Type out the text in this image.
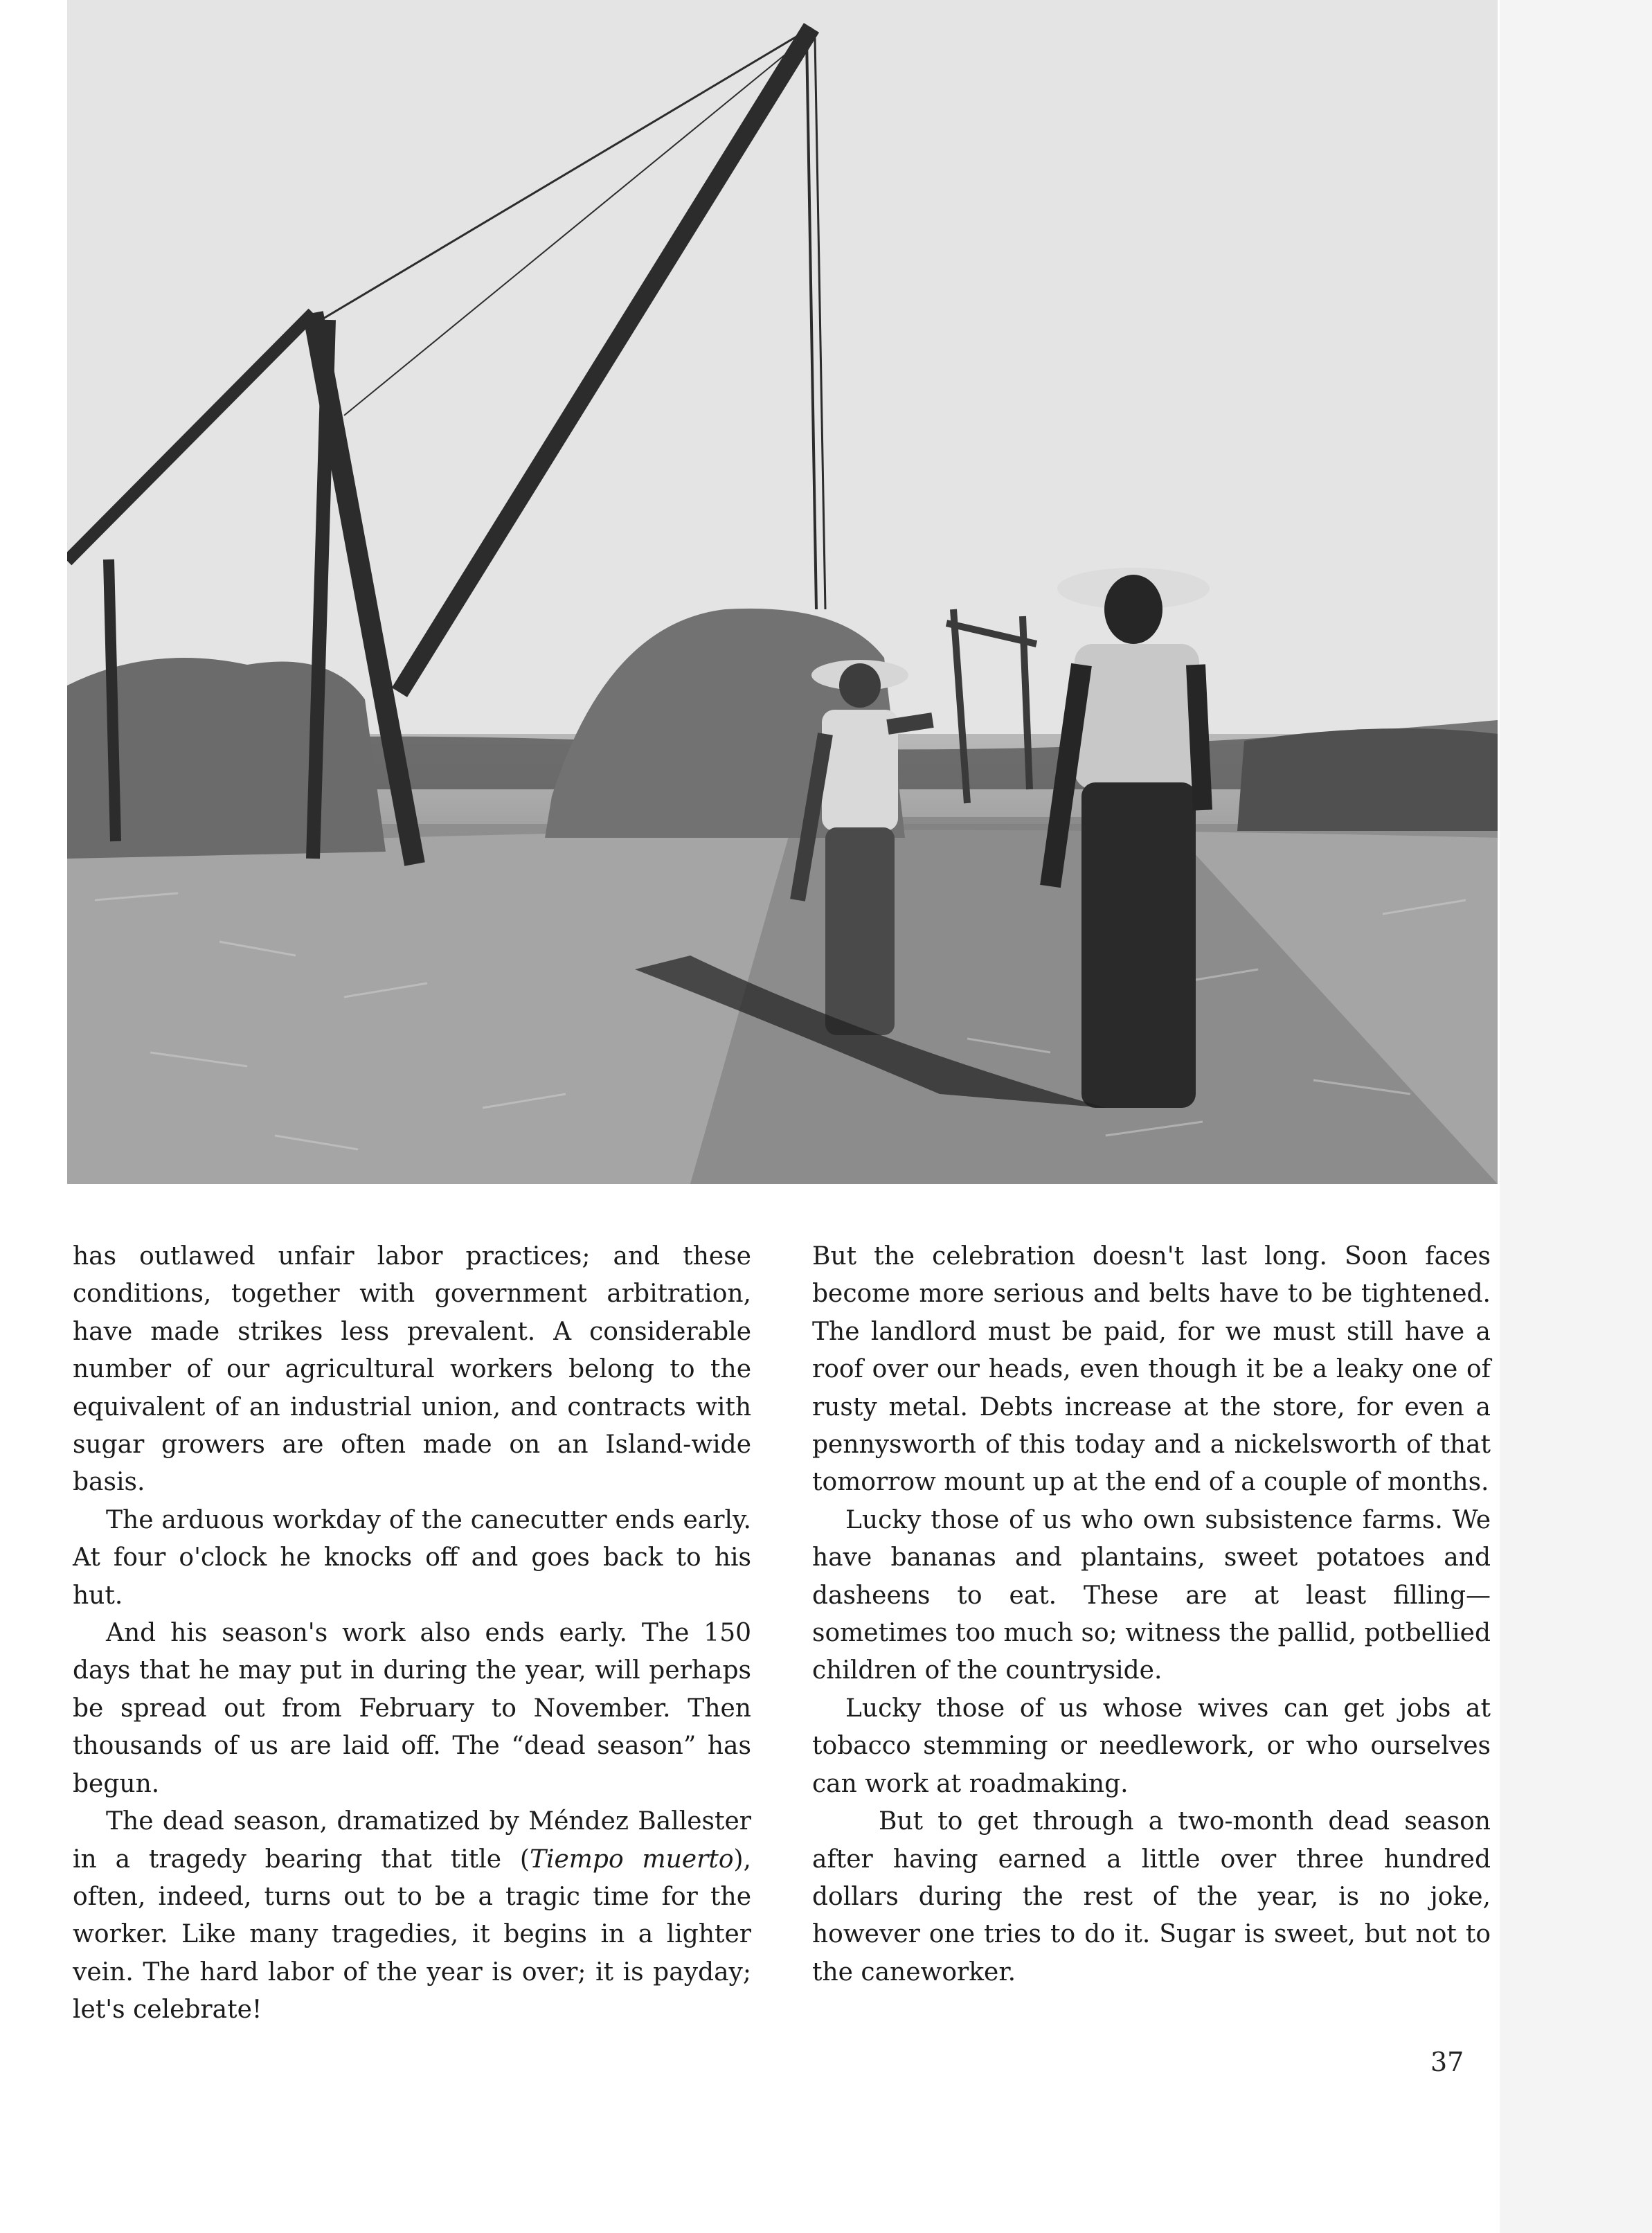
has outlawed unfair labor practices; and these conditions, together with government arbitration, have made strikes less prevalent. A considerable number of our agricultural workers belong to the equivalent of an industrial union, and contracts with sugar growers are often made on an Island-wide basis.

The arduous workday of the canecutter ends early. At four o'clock he knocks off and goes back to his hut.

And his season's work also ends early. The 150 days that he may put in during the year, will perhaps be spread out from February to November. Then thousands of us are laid off. The “dead season” has begun.

The dead season, dramatized by Méndez Ballester in a tragedy bearing that title (Tiempo muerto), often, indeed, turns out to be a tragic time for the worker. Like many tragedies, it begins in a lighter vein. The hard labor of the year is over; it is payday; let's celebrate!

But the celebration doesn't last long. Soon faces become more serious and belts have to be tightened. The landlord must be paid, for we must still have a roof over our heads, even though it be a leaky one of rusty metal. Debts increase at the store, for even a pennysworth of this today and a nickelsworth of that tomorrow mount up at the end of a couple of months.

Lucky those of us who own subsistence farms. We have bananas and plantains, sweet potatoes and dasheens to eat. These are at least filling—sometimes too much so; witness the pallid, potbellied children of the countryside.

Lucky those of us whose wives can get jobs at tobacco stemming or needlework, or who ourselves can work at roadmaking.

But to get through a two-month dead season after having earned a little over three hundred dollars during the rest of the year, is no joke, however one tries to do it. Sugar is sweet, but not to the caneworker.

37
